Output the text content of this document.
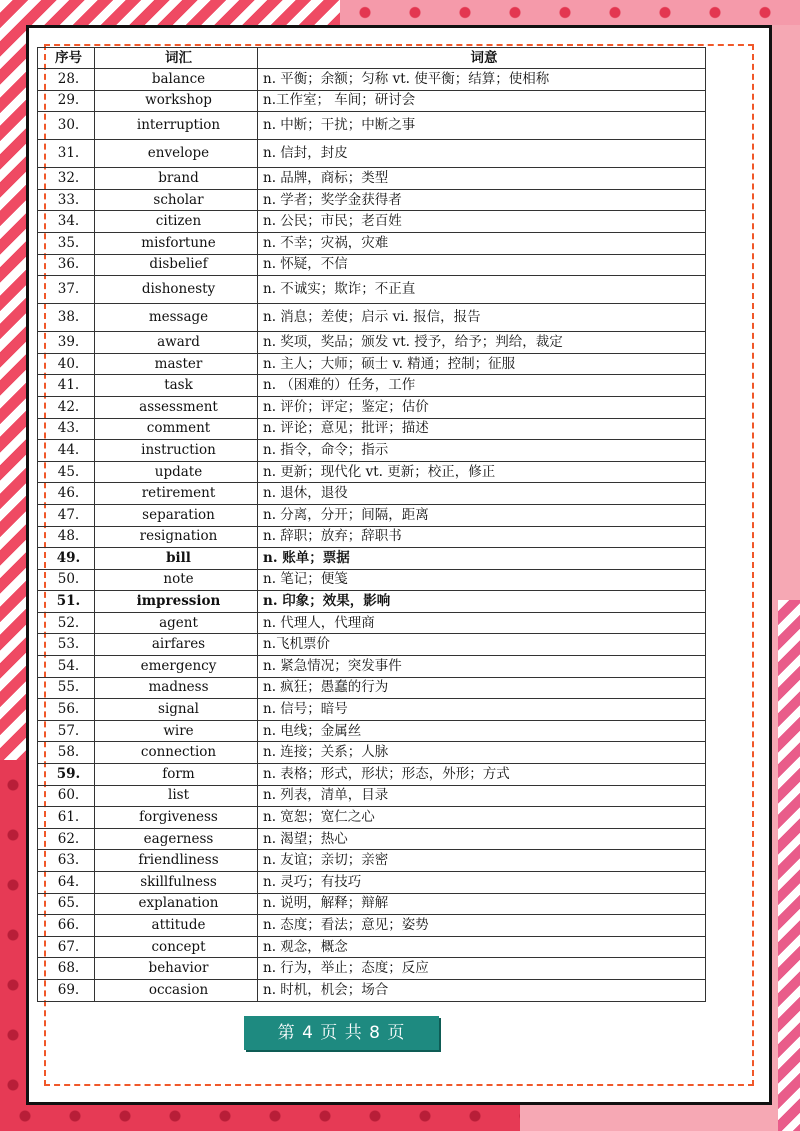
序号	词汇	词意
28.	balance	n. 平衡；余额；匀称 vt. 使平衡；结算；使相称
29.	workshop	n.工作室； 车间；研讨会
30.	interruption	n. 中断；干扰；中断之事
31.	envelope	n. 信封，封皮
32.	brand	n. 品牌，商标；类型
33.	scholar	n. 学者；奖学金获得者
34.	citizen	n. 公民；市民；老百姓
35.	misfortune	n. 不幸；灾祸，灾难
36.	disbelief	n. 怀疑，不信
37.	dishonesty	n. 不诚实；欺诈；不正直
38.	message	n. 消息；差使；启示 vi. 报信，报告
39.	award	n. 奖项，奖品；颁发 vt. 授予，给予；判给，裁定
40.	master	n. 主人；大师；硕士 v. 精通；控制；征服
41.	task	n. （困难的）任务，工作
42.	assessment	n. 评价；评定；鉴定；估价
43.	comment	n. 评论；意见；批评；描述
44.	instruction	n. 指令，命令；指示
45.	update	n. 更新；现代化 vt. 更新；校正，修正
46.	retirement	n. 退休，退役
47.	separation	n. 分离，分开；间隔，距离
48.	resignation	n. 辞职；放弃；辞职书
49.	bill	n. 账单；票据
50.	note	n. 笔记；便笺
51.	impression	n. 印象；效果，影响
52.	agent	n. 代理人，代理商
53.	airfares	n.飞机票价
54.	emergency	n. 紧急情况；突发事件
55.	madness	n. 疯狂；愚蠢的行为
56.	signal	n. 信号；暗号
57.	wire	n. 电线；金属丝
58.	connection	n. 连接；关系；人脉
59.	form	n. 表格；形式，形状；形态，外形；方式
60.	list	n. 列表，清单，目录
61.	forgiveness	n. 宽恕；宽仁之心
62.	eagerness	n. 渴望；热心
63.	friendliness	n. 友谊；亲切；亲密
64.	skillfulness	n. 灵巧；有技巧
65.	explanation	n. 说明，解释；辩解
66.	attitude	n. 态度；看法；意见；姿势
67.	concept	n. 观念，概念
68.	behavior	n. 行为，举止；态度；反应
69.	occasion	n. 时机，机会；场合
第 4 页 共 8 页
